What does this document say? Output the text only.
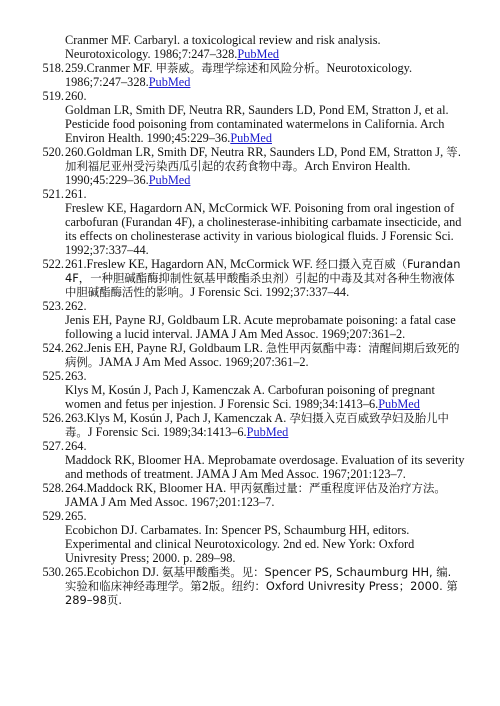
Cranmer MF. Carbaryl. a toxicological review and risk analysis. Neurotoxicology. 1986;7:247–328.PubMed
518. 259.Cranmer MF. 甲萘威。毒理学综述和风险分析。Neurotoxicology. 1986;7:247–328.PubMed
519. 260.
Goldman LR, Smith DF, Neutra RR, Saunders LD, Pond EM, Stratton J, et al. Pesticide food poisoning from contaminated watermelons in California. Arch Environ Health. 1990;45:229–36.PubMed
520. 260.Goldman LR, Smith DF, Neutra RR, Saunders LD, Pond EM, Stratton J, 等. 加利福尼亚州受污染西瓜引起的农药食物中毒。Arch Environ Health. 1990;45:229–36.PubMed
521. 261.
Freslew KE, Hagardorn AN, McCormick WF. Poisoning from oral ingestion of carbofuran (Furandan 4F), a cholinesterase-inhibiting carbamate insecticide, and its effects on cholinesterase activity in various biological fluids. J Forensic Sci. 1992;37:337–44.
522. 261.Freslew KE, Hagardorn AN, McCormick WF. 经口摄入克百威（Furandan 4F，一种胆碱酯酶抑制性氨基甲酸酯杀虫剂）引起的中毒及其对各种生物液体中胆碱酯酶活性的影响。J Forensic Sci. 1992;37:337–44.
523. 262.
Jenis EH, Payne RJ, Goldbaum LR. Acute meprobamate poisoning: a fatal case following a lucid interval. JAMA J Am Med Assoc. 1969;207:361–2.
524. 262.Jenis EH, Payne RJ, Goldbaum LR. 急性甲丙氨酯中毒：清醒间期后致死的病例。JAMA J Am Med Assoc. 1969;207:361–2.
525. 263.
Klys M, Kosún J, Pach J, Kamenczak A. Carbofuran poisoning of pregnant women and fetus per injestion. J Forensic Sci. 1989;34:1413–6.PubMed
526. 263.Klys M, Kosún J, Pach J, Kamenczak A. 孕妇摄入克百威致孕妇及胎儿中毒。J Forensic Sci. 1989;34:1413–6.PubMed
527. 264.
Maddock RK, Bloomer HA. Meprobamate overdosage. Evaluation of its severity and methods of treatment. JAMA J Am Med Assoc. 1967;201:123–7.
528. 264.Maddock RK, Bloomer HA. 甲丙氨酯过量：严重程度评估及治疗方法。JAMA J Am Med Assoc. 1967;201:123–7.
529. 265.
Ecobichon DJ. Carbamates. In: Spencer PS, Schaumburg HH, editors. Experimental and clinical Neurotoxicology. 2nd ed. New York: Oxford Univresity Press; 2000. p. 289–98.
530. 265.Ecobichon DJ. 氨基甲酸酯类。见：Spencer PS, Schaumburg HH, 编. 实验和临床神经毒理学。第2版。纽约：Oxford Univresity Press；2000. 第289–98页.
